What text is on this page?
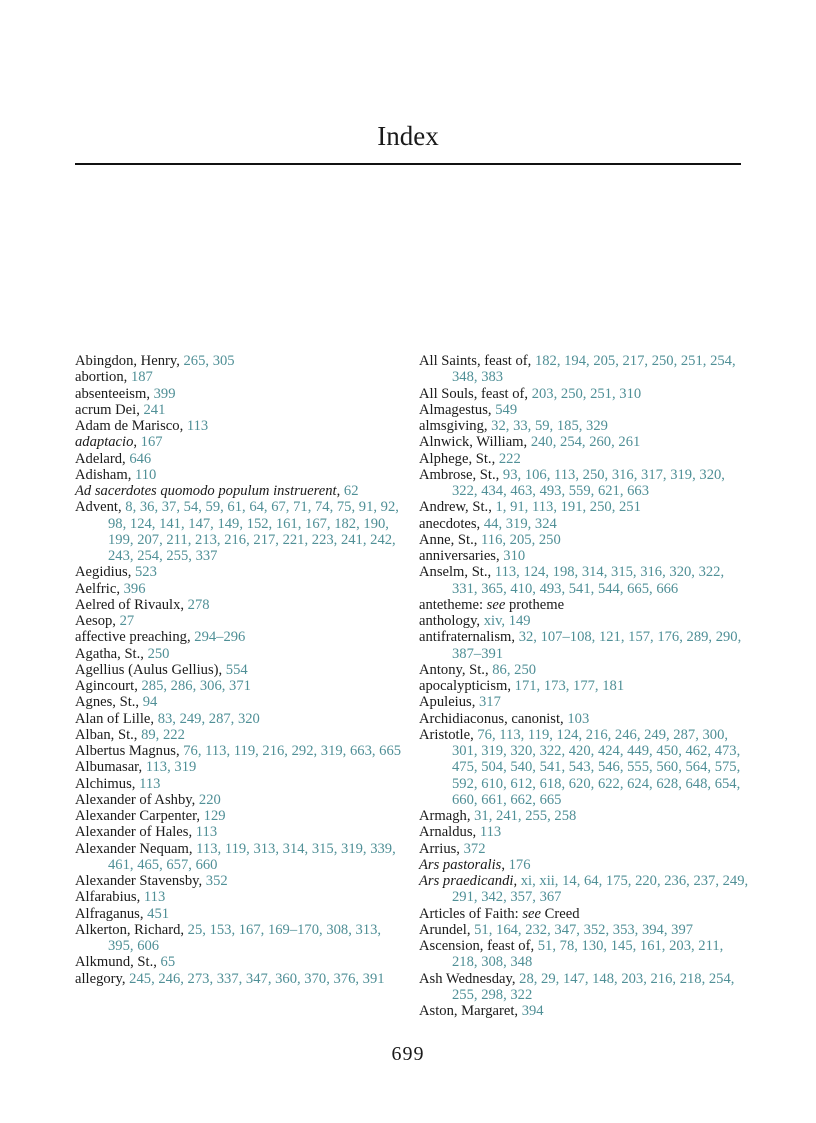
Index
Abingdon, Henry, 265, 305
abortion, 187
absenteeism, 399
acrum Dei, 241
Adam de Marisco, 113
adaptacio, 167
Adelard, 646
Adisham, 110
Ad sacerdotes quomodo populum instruerent, 62
Advent, 8, 36, 37, 54, 59, 61, 64, 67, 71, 74, 75, 91, 92, 98, 124, 141, 147, 149, 152, 161, 167, 182, 190, 199, 207, 211, 213, 216, 217, 221, 223, 241, 242, 243, 254, 255, 337
Aegidius, 523
Aelfric, 396
Aelred of Rivaulx, 278
Aesop, 27
affective preaching, 294–296
Agatha, St., 250
Agellius (Aulus Gellius), 554
Agincourt, 285, 286, 306, 371
Agnes, St., 94
Alan of Lille, 83, 249, 287, 320
Alban, St., 89, 222
Albertus Magnus, 76, 113, 119, 216, 292, 319, 663, 665
Albumasar, 113, 319
Alchimus, 113
Alexander of Ashby, 220
Alexander Carpenter, 129
Alexander of Hales, 113
Alexander Nequam, 113, 119, 313, 314, 315, 319, 339, 461, 465, 657, 660
Alexander Stavensby, 352
Alfarabius, 113
Alfraganus, 451
Alkerton, Richard, 25, 153, 167, 169–170, 308, 313, 395, 606
Alkmund, St., 65
allegory, 245, 246, 273, 337, 347, 360, 370, 376, 391
All Saints, feast of, 182, 194, 205, 217, 250, 251, 254, 348, 383
All Souls, feast of, 203, 250, 251, 310
Almagestus, 549
almsgiving, 32, 33, 59, 185, 329
Alnwick, William, 240, 254, 260, 261
Alphege, St., 222
Ambrose, St., 93, 106, 113, 250, 316, 317, 319, 320, 322, 434, 463, 493, 559, 621, 663
Andrew, St., 1, 91, 113, 191, 250, 251
anecdotes, 44, 319, 324
Anne, St., 116, 205, 250
anniversaries, 310
Anselm, St., 113, 124, 198, 314, 315, 316, 320, 322, 331, 365, 410, 493, 541, 544, 665, 666
antetheme: see protheme
anthology, xiv, 149
antifraternalism, 32, 107–108, 121, 157, 176, 289, 290, 387–391
Antony, St., 86, 250
apocalypticism, 171, 173, 177, 181
Apuleius, 317
Archidiaconus, canonist, 103
Aristotle, 76, 113, 119, 124, 216, 246, 249, 287, 300, 301, 319, 320, 322, 420, 424, 449, 450, 462, 473, 475, 504, 540, 541, 543, 546, 555, 560, 564, 575, 592, 610, 612, 618, 620, 622, 624, 628, 648, 654, 660, 661, 662, 665
Armagh, 31, 241, 255, 258
Arnaldus, 113
Arrius, 372
Ars pastoralis, 176
Ars praedicandi, xi, xii, 14, 64, 175, 220, 236, 237, 249, 291, 342, 357, 367
Articles of Faith: see Creed
Arundel, 51, 164, 232, 347, 352, 353, 394, 397
Ascension, feast of, 51, 78, 130, 145, 161, 203, 211, 218, 308, 348
Ash Wednesday, 28, 29, 147, 148, 203, 216, 218, 254, 255, 298, 322
Aston, Margaret, 394
699
